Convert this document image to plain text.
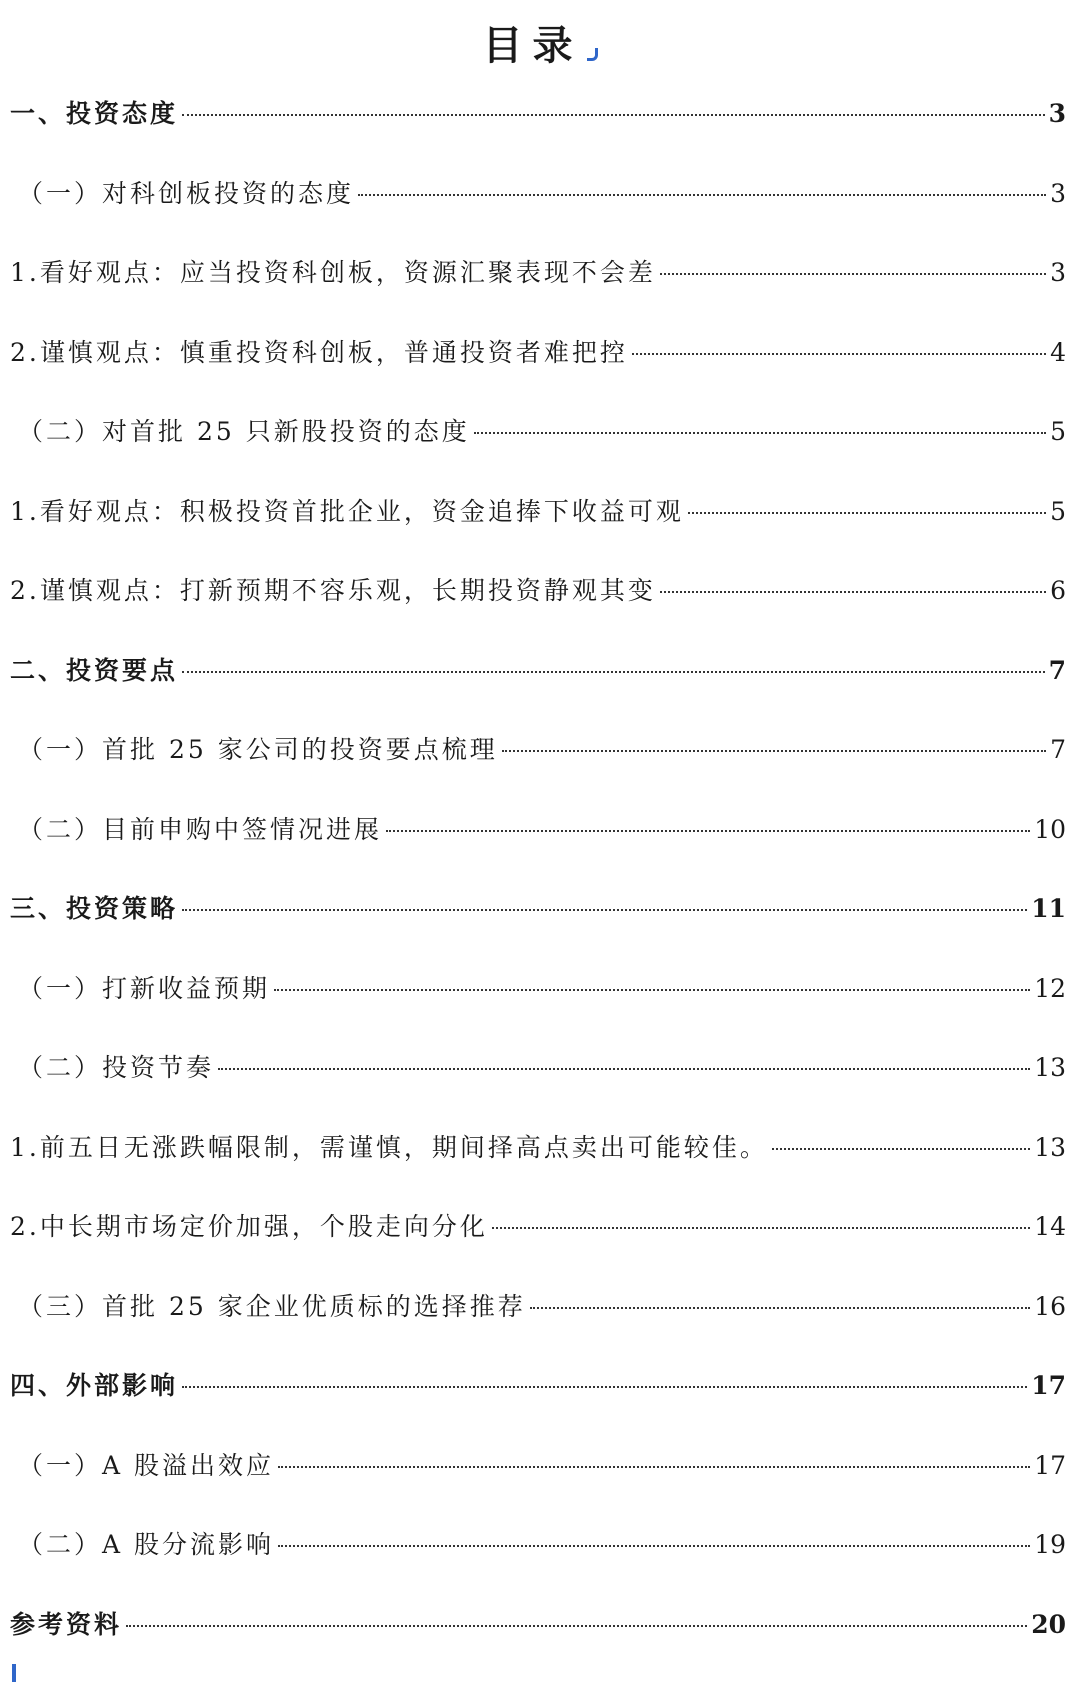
目录
一、投资态度	3
（一）对科创板投资的态度	3
1.看好观点：应当投资科创板，资源汇聚表现不会差	3
2.谨慎观点：慎重投资科创板，普通投资者难把控	4
（二）对首批 25 只新股投资的态度	5
1.看好观点：积极投资首批企业，资金追捧下收益可观	5
2.谨慎观点：打新预期不容乐观，长期投资静观其变	6
二、投资要点	7
（一）首批 25 家公司的投资要点梳理	7
（二）目前申购中签情况进展	10
三、投资策略	11
（一）打新收益预期	12
（二）投资节奏	13
1.前五日无涨跌幅限制，需谨慎，期间择高点卖出可能较佳。	13
2.中长期市场定价加强，个股走向分化	14
（三）首批 25 家企业优质标的选择推荐	16
四、外部影响	17
（一）A 股溢出效应	17
（二）A 股分流影响	19
参考资料	20
